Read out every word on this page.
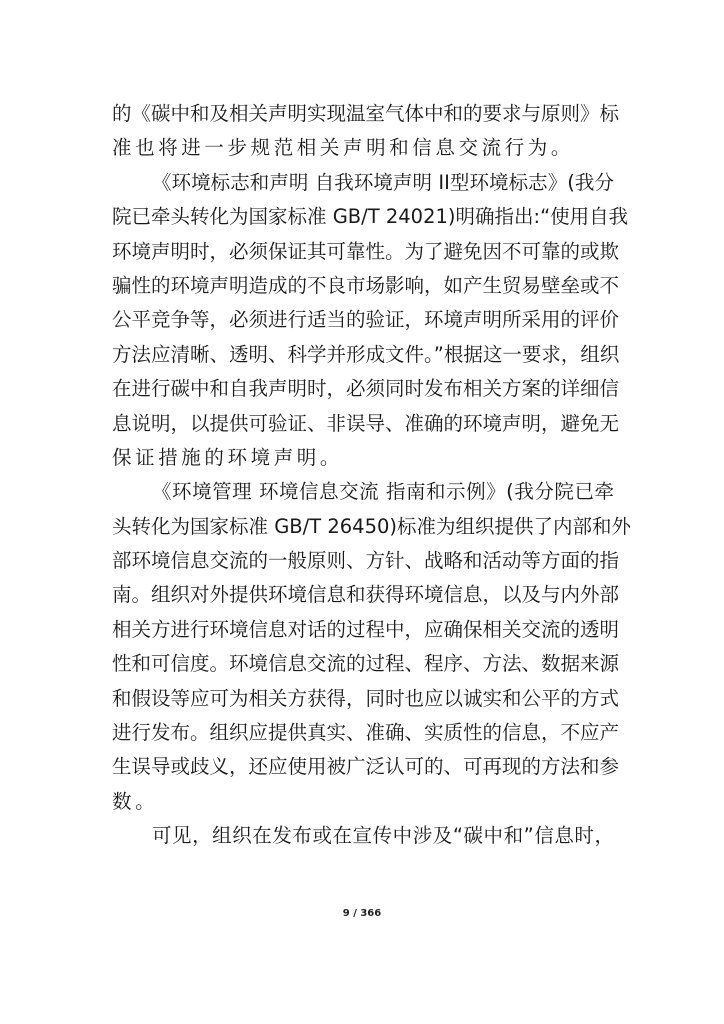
的《碳中和及相关声明实现温室气体中和的要求与原则》标
准也将进一步规范相关声明和信息交流行为。
《环境标志和声明 自我环境声明 II型环境标志》(我分
院已牵头转化为国家标准 GB/T 24021)明确指出:“使用自我
环境声明时，必须保证其可靠性。为了避免因不可靠的或欺
骗性的环境声明造成的不良市场影响，如产生贸易壁垒或不
公平竞争等，必须进行适当的验证，环境声明所采用的评价
方法应清晰、透明、科学并形成文件。”根据这一要求，组织
在进行碳中和自我声明时，必须同时发布相关方案的详细信
息说明，以提供可验证、非误导、准确的环境声明，避免无
保证措施的环境声明。
《环境管理 环境信息交流 指南和示例》(我分院已牵
头转化为国家标准 GB/T 26450)标准为组织提供了内部和外
部环境信息交流的一般原则、方针、战略和活动等方面的指
南。组织对外提供环境信息和获得环境信息，以及与内外部
相关方进行环境信息对话的过程中，应确保相关交流的透明
性和可信度。环境信息交流的过程、程序、方法、数据来源
和假设等应可为相关方获得，同时也应以诚实和公平的方式
进行发布。组织应提供真实、准确、实质性的信息，不应产
生误导或歧义，还应使用被广泛认可的、可再现的方法和参
数。
可见，组织在发布或在宣传中涉及“碳中和”信息时，
9 / 366
